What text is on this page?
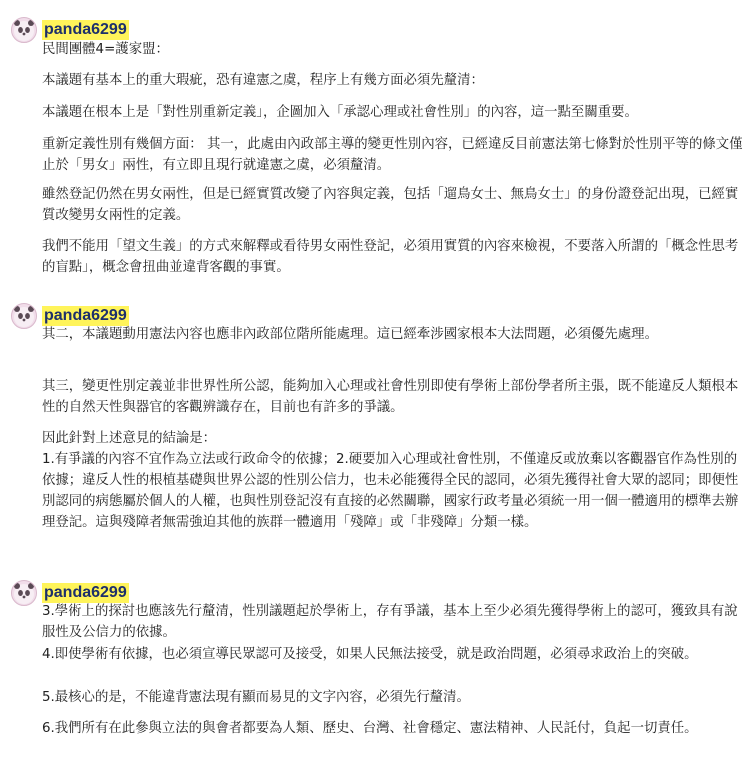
panda6299

民間團體4=護家盟：

本議題有基本上的重大瑕疵，恐有違憲之虞，程序上有幾方面必須先釐清：

本議題在根本上是「對性別重新定義」，企圖加入「承認心理或社會性別」的內容，這一點至關重要。

重新定義性別有幾個方面： 其一，此處由內政部主導的變更性別內容，已經違反目前憲法第七條對於性別平等的條文僅止於「男女」兩性，有立即且現行就違憲之虞，必須釐清。

雖然登記仍然在男女兩性，但是已經實質改變了內容與定義，包括「遛鳥女士、無鳥女士」的身份證登記出現，已經實質改變男女兩性的定義。

我們不能用「望文生義」的方式來解釋或看待男女兩性登記，必須用實質的內容來檢視，不要落入所謂的「概念性思考的盲點」，概念會扭曲並違背客觀的事實。

panda6299

其二，本議題動用憲法內容也應非內政部位階所能處理。這已經牽涉國家根本大法問題，必須優先處理。

其三，變更性別定義並非世界性所公認，能夠加入心理或社會性別即使有學術上部份學者所主張，既不能違反人類根本性的自然天性與器官的客觀辨識存在，目前也有許多的爭議。

因此針對上述意見的結論是：

1.有爭議的內容不宜作為立法或行政命令的依據；2.硬要加入心理或社會性別，不僅違反或放棄以客觀器官作為性別的依據；違反人性的根植基礎與世界公認的性別公信力，也未必能獲得全民的認同，必須先獲得社會大眾的認同；即便性別認同的病態屬於個人的人權，也與性別登記沒有直接的必然關聯，國家行政考量必須統一用一個一體適用的標準去辦理登記。這與殘障者無需強迫其他的族群一體適用「殘障」或「非殘障」分類一樣。

panda6299

3.學術上的探討也應該先行釐清，性別議題起於學術上，存有爭議，基本上至少必須先獲得學術上的認可，獲致具有說服性及公信力的依據。

4.即使學術有依據，也必須宣導民眾認可及接受，如果人民無法接受，就是政治問題，必須尋求政治上的突破。

5.最核心的是，不能違背憲法現有顯而易見的文字內容，必須先行釐清。

6.我們所有在此參與立法的與會者都要為人類、歷史、台灣、社會穩定、憲法精神、人民託付，負起一切責任。
